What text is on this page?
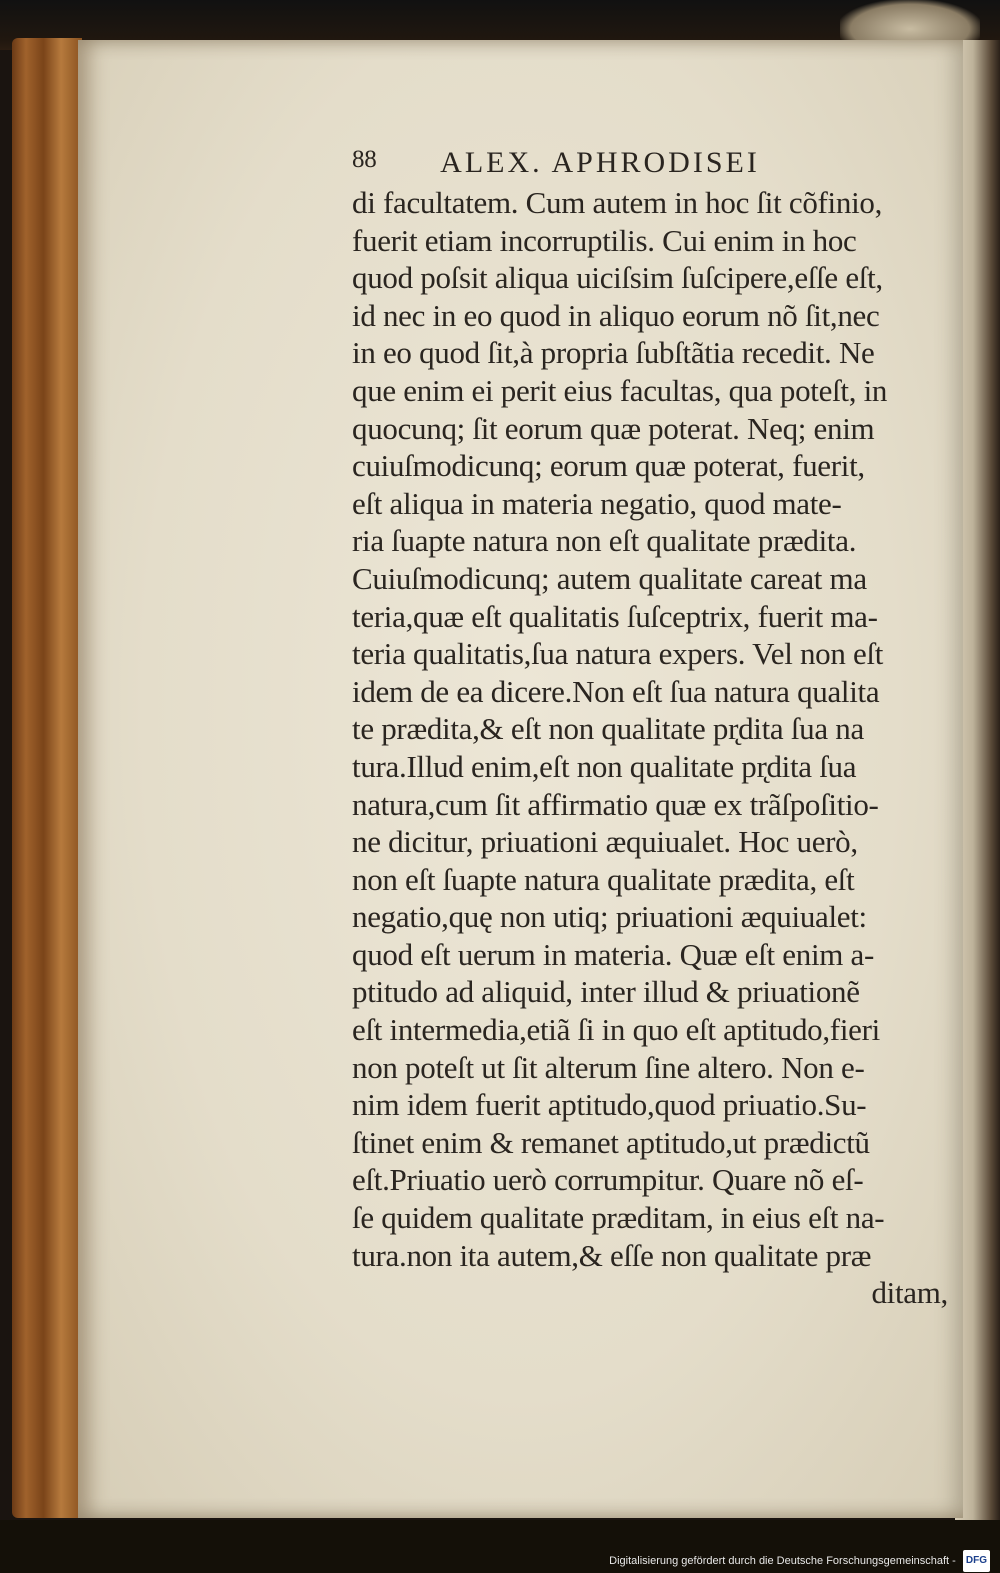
88	ALEX. APHRODISEI
di facultatem. Cum autem in hoc ſit cõfinio,
fuerit etiam incorruptilis. Cui enim in hoc
quod poſsit aliqua uiciſsim ſuſcipere,eſſe eſt,
id nec in eo quod in aliquo eorum nõ ſit,nec
in eo quod ſit,à propria ſubſtãtia recedit. Ne
que enim ei perit eius facultas, qua poteſt, in
quocunq; ſit eorum quæ poterat. Neq; enim
cuiuſmodicunq; eorum quæ poterat, fuerit,
eſt aliqua in materia negatio, quod mate-
ria ſuapte natura non eſt qualitate prædita.
Cuiuſmodicunq; autem qualitate careat ma
teria,quæ eſt qualitatis ſuſceptrix, fuerit ma-
teria qualitatis,ſua natura expers. Vel non eſt
idem de ea dicere.Non eſt ſua natura qualita
te prædita,& eſt non qualitate pr̨dita ſua na
tura.Illud enim,eſt non qualitate pr̨dita ſua
natura,cum ſit affirmatio quæ ex trãſpoſitio-
ne dicitur, priuationi æquiualet. Hoc uerò,
non eſt ſuapte natura qualitate prædita, eſt
negatio,quę non utiq; priuationi æquiualet:
quod eſt uerum in materia. Quæ eſt enim a-
ptitudo ad aliquid, inter illud & priuationẽ
eſt intermedia,etiã ſi in quo eſt aptitudo,fieri
non poteſt ut ſit alterum ſine altero. Non e-
nim idem fuerit aptitudo,quod priuatio.Su-
ſtinet enim & remanet aptitudo,ut prædictũ
eſt.Priuatio uerò corrumpitur. Quare nõ eſ-
ſe quidem qualitate præditam, in eius eſt na-
tura.non ita autem,& eſſe non qualitate præ
ditam,
Digitalisierung gefördert durch die Deutsche Forschungsgemeinschaft - DFG
